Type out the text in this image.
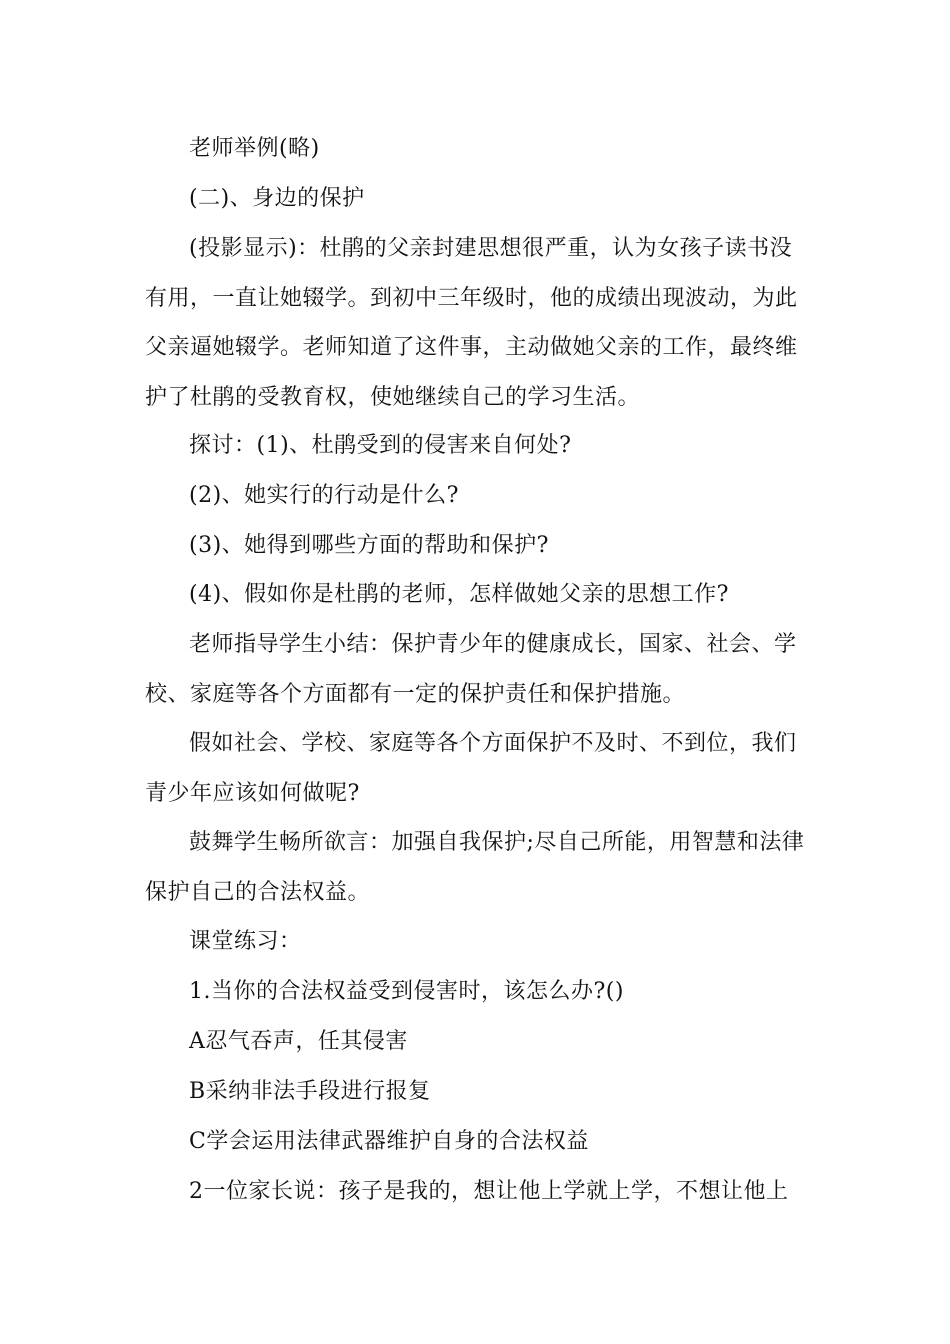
老师举例(略)

(二)、身边的保护

(投影显示)：杜鹃的父亲封建思想很严重，认为女孩子读书没有用，一直让她辍学。到初中三年级时，他的成绩出现波动，为此父亲逼她辍学。老师知道了这件事，主动做她父亲的工作，最终维护了杜鹃的受教育权，使她继续自己的学习生活。

探讨：(1)、杜鹃受到的侵害来自何处?

(2)、她实行的行动是什么?

(3)、她得到哪些方面的帮助和保护?

(4)、假如你是杜鹃的老师，怎样做她父亲的思想工作?

老师指导学生小结：保护青少年的健康成长，国家、社会、学校、家庭等各个方面都有一定的保护责任和保护措施。

假如社会、学校、家庭等各个方面保护不及时、不到位，我们青少年应该如何做呢?

鼓舞学生畅所欲言：加强自我保护;尽自己所能，用智慧和法律保护自己的合法权益。

课堂练习：

1.当你的合法权益受到侵害时，该怎么办?()

A忍气吞声，任其侵害

B采纳非法手段进行报复

C学会运用法律武器维护自身的合法权益

2一位家长说：孩子是我的，想让他上学就上学，不想让他上
